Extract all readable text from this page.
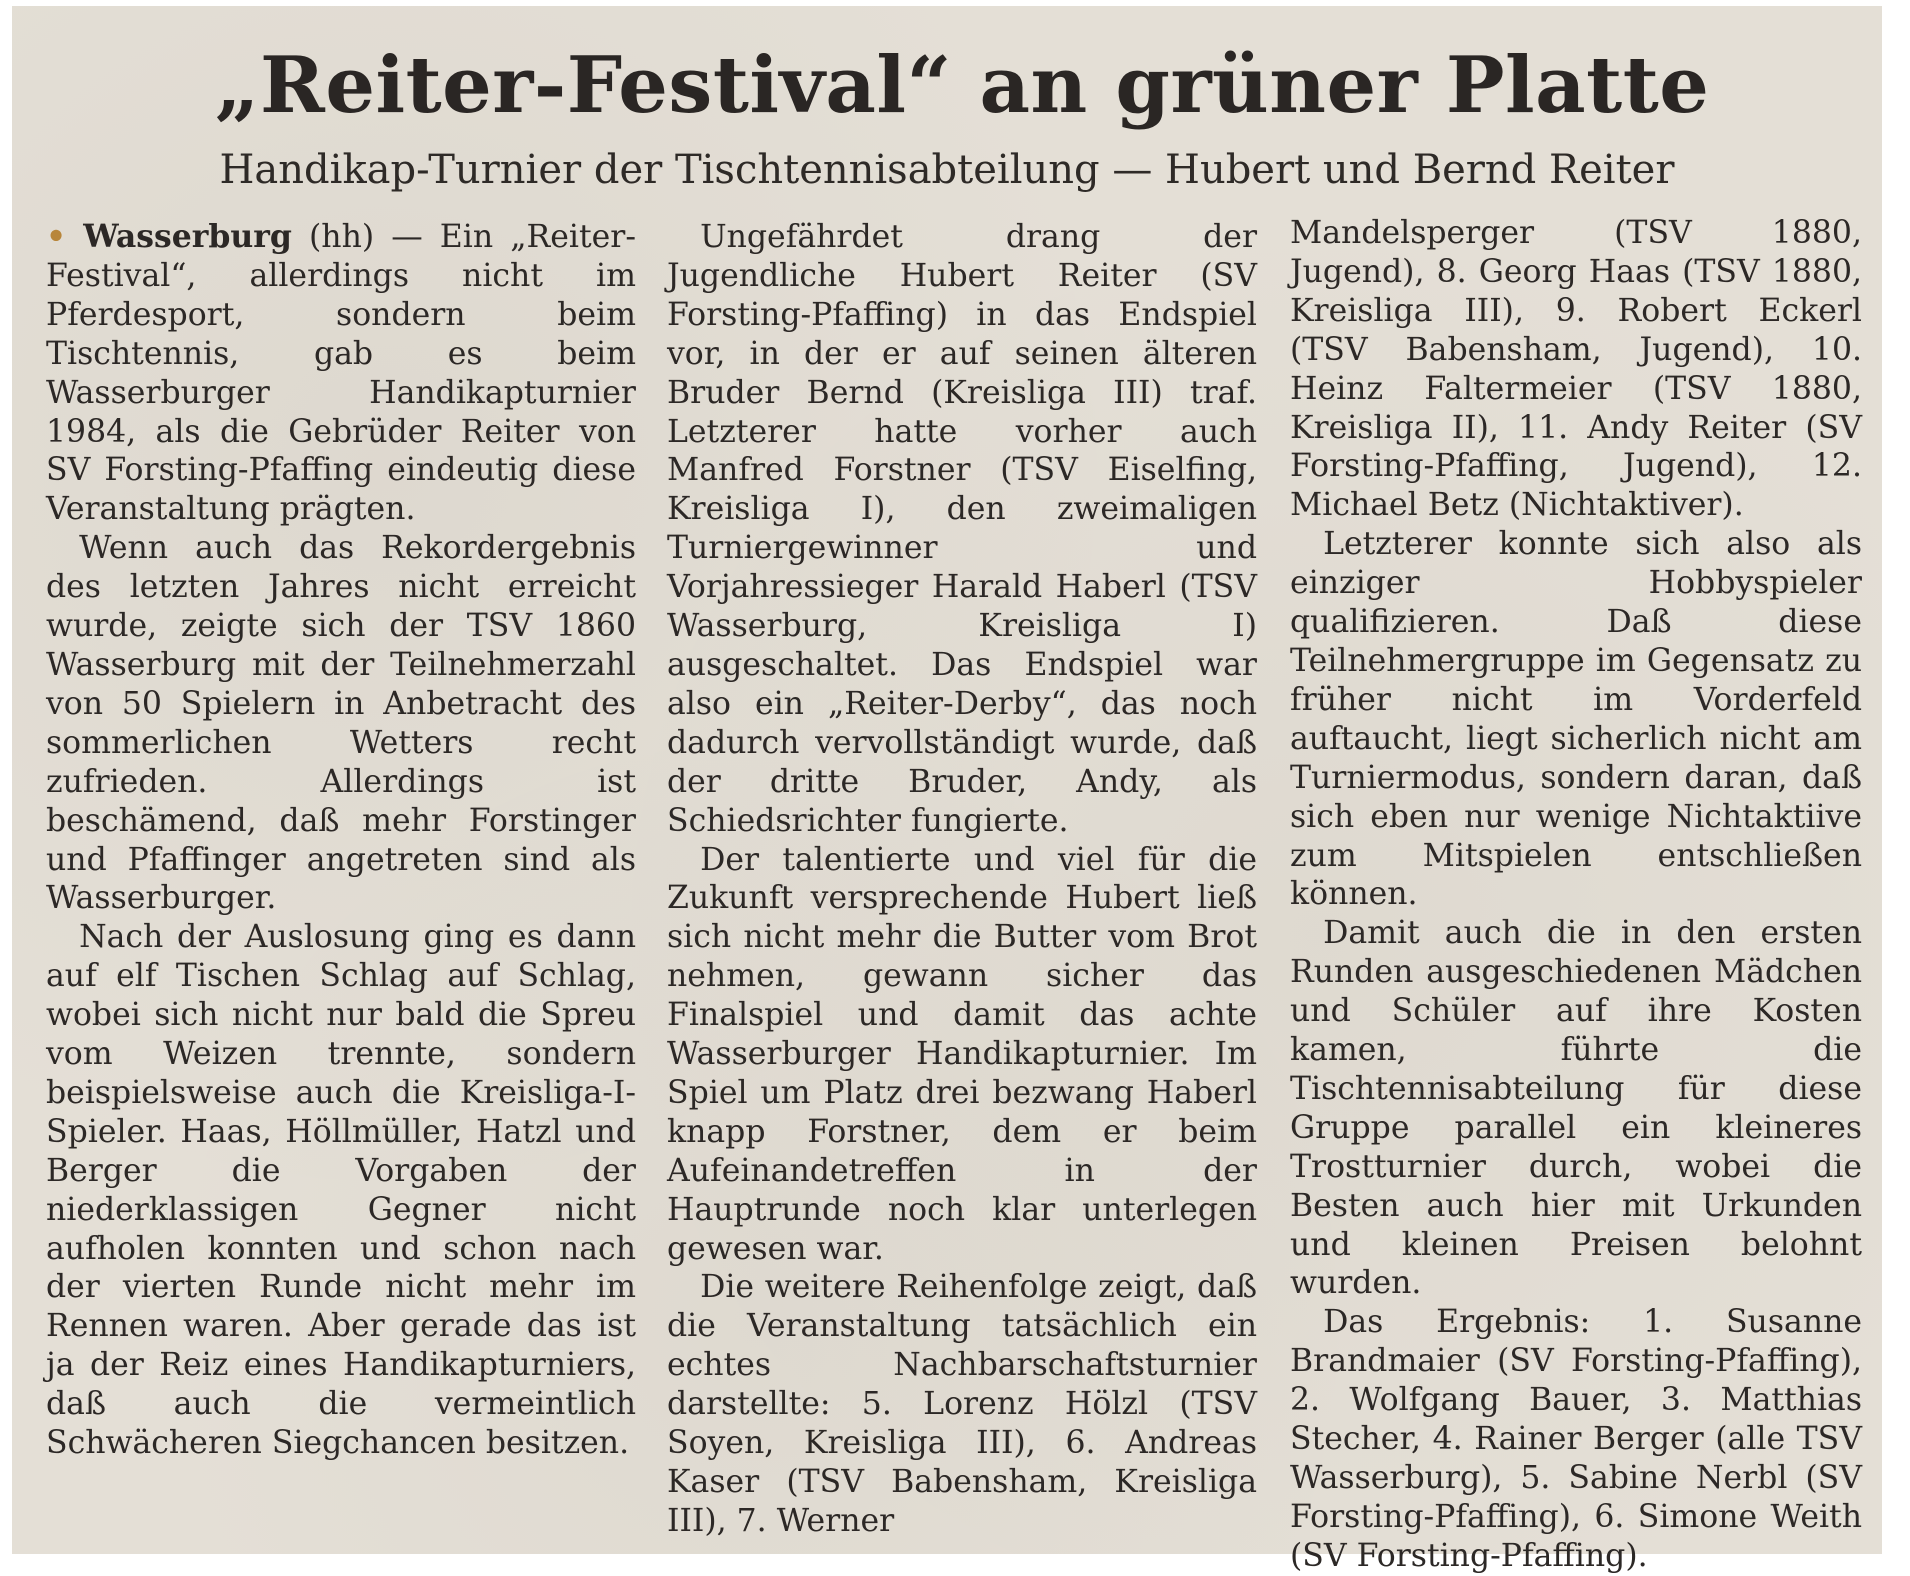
„Reiter-Festival“ an grüner Platte
Handikap-Turnier der Tischtennisabteilung — Hubert und Bernd Reiter

• Wasserburg (hh) — Ein „Reiter-Festival“, allerdings nicht im Pferdesport, sondern beim Tischtennis, gab es beim Wasserburger Handikapturnier 1984, als die Gebrüder Reiter von SV Forsting-Pfaffing eindeutig diese Veranstaltung prägten.

Wenn auch das Rekordergebnis des letzten Jahres nicht erreicht wurde, zeigte sich der TSV 1860 Wasserburg mit der Teilnehmerzahl von 50 Spielern in Anbetracht des sommerlichen Wetters recht zufrieden. Allerdings ist beschämend, daß mehr Forstinger und Pfaffinger angetreten sind als Wasserburger.

Nach der Auslosung ging es dann auf elf Tischen Schlag auf Schlag, wobei sich nicht nur bald die Spreu vom Weizen trennte, sondern beispielsweise auch die Kreisliga-I-Spieler. Haas, Höllmüller, Hatzl und Berger die Vorgaben der niederklassigen Gegner nicht aufholen konnten und schon nach der vierten Runde nicht mehr im Rennen waren. Aber gerade das ist ja der Reiz eines Handikapturniers, daß auch die vermeintlich Schwächeren Siegchancen besitzen.

Ungefährdet drang der Jugendliche Hubert Reiter (SV Forsting-Pfaffing) in das Endspiel vor, in der er auf seinen älteren Bruder Bernd (Kreisliga III) traf. Letzterer hatte vorher auch Manfred Forstner (TSV Eiselfing, Kreisliga I), den zweimaligen Turniergewinner und Vorjahressieger Harald Haberl (TSV Wasserburg, Kreisliga I) ausgeschaltet. Das Endspiel war also ein „Reiter-Derby“, das noch dadurch vervollständigt wurde, daß der dritte Bruder, Andy, als Schiedsrichter fungierte.

Der talentierte und viel für die Zukunft versprechende Hubert ließ sich nicht mehr die Butter vom Brot nehmen, gewann sicher das Finalspiel und damit das achte Wasserburger Handikapturnier. Im Spiel um Platz drei bezwang Haberl knapp Forstner, dem er beim Aufeinandetreffen in der Hauptrunde noch klar unterlegen gewesen war.

Die weitere Reihenfolge zeigt, daß die Veranstaltung tatsächlich ein echtes Nachbarschaftsturnier darstellte: 5. Lorenz Hölzl (TSV Soyen, Kreisliga III), 6. Andreas Kaser (TSV Babensham, Kreisliga III), 7. Werner

Mandelsperger (TSV 1880, Jugend), 8. Georg Haas (TSV 1880, Kreisliga III), 9. Robert Eckerl (TSV Babensham, Jugend), 10. Heinz Faltermeier (TSV 1880, Kreisliga II), 11. Andy Reiter (SV Forsting-Pfaffing, Jugend), 12. Michael Betz (Nichtaktiver).

Letzterer konnte sich also als einziger Hobbyspieler qualifizieren. Daß diese Teilnehmergruppe im Gegensatz zu früher nicht im Vorderfeld auftaucht, liegt sicherlich nicht am Turniermodus, sondern daran, daß sich eben nur wenige Nichtaktiive zum Mitspielen entschließen können.

Damit auch die in den ersten Runden ausgeschiedenen Mädchen und Schüler auf ihre Kosten kamen, führte die Tischtennisabteilung für diese Gruppe parallel ein kleineres Trostturnier durch, wobei die Besten auch hier mit Urkunden und kleinen Preisen belohnt wurden.

Das Ergebnis: 1. Susanne Brandmaier (SV Forsting-Pfaffing), 2. Wolfgang Bauer, 3. Matthias Stecher, 4. Rainer Berger (alle TSV Wasserburg), 5. Sabine Nerbl (SV Forsting-Pfaffing), 6. Simone Weith (SV Forsting-Pfaffing).
